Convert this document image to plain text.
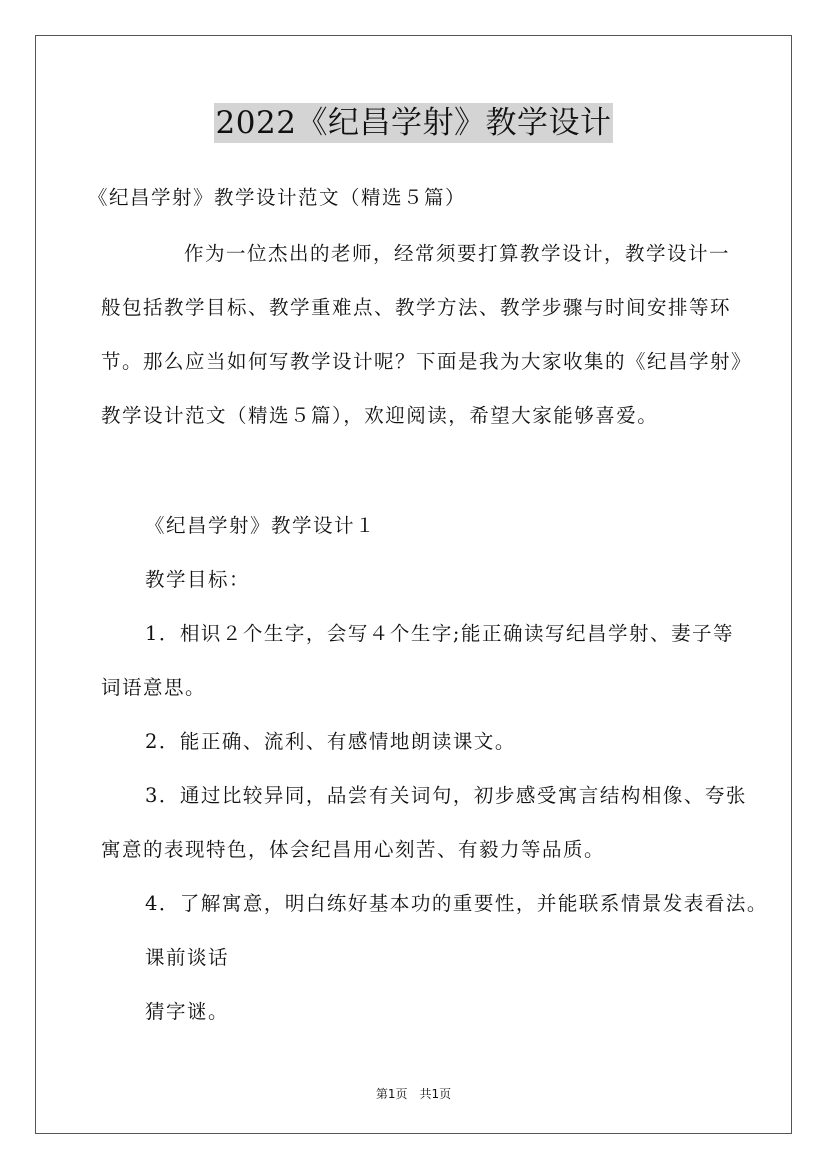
2022《纪昌学射》教学设计
《纪昌学射》教学设计范文（精选５篇）
作为一位杰出的老师，经常须要打算教学设计，教学设计一
般包括教学目标、教学重难点、教学方法、教学步骤与时间安排等环
节。那么应当如何写教学设计呢？下面是我为大家收集的《纪昌学射》
教学设计范文（精选５篇），欢迎阅读，希望大家能够喜爱。
《纪昌学射》教学设计１
教学目标：
1．相识２个生字，会写４个生字;能正确读写纪昌学射、妻子等
词语意思。
2．能正确、流利、有感情地朗读课文。
3．通过比较异同，品尝有关词句，初步感受寓言结构相像、夸张
寓意的表现特色，体会纪昌用心刻苦、有毅力等品质。
4．了解寓意，明白练好基本功的重要性，并能联系情景发表看法。
课前谈话
猜字谜。
第1页　共1页
